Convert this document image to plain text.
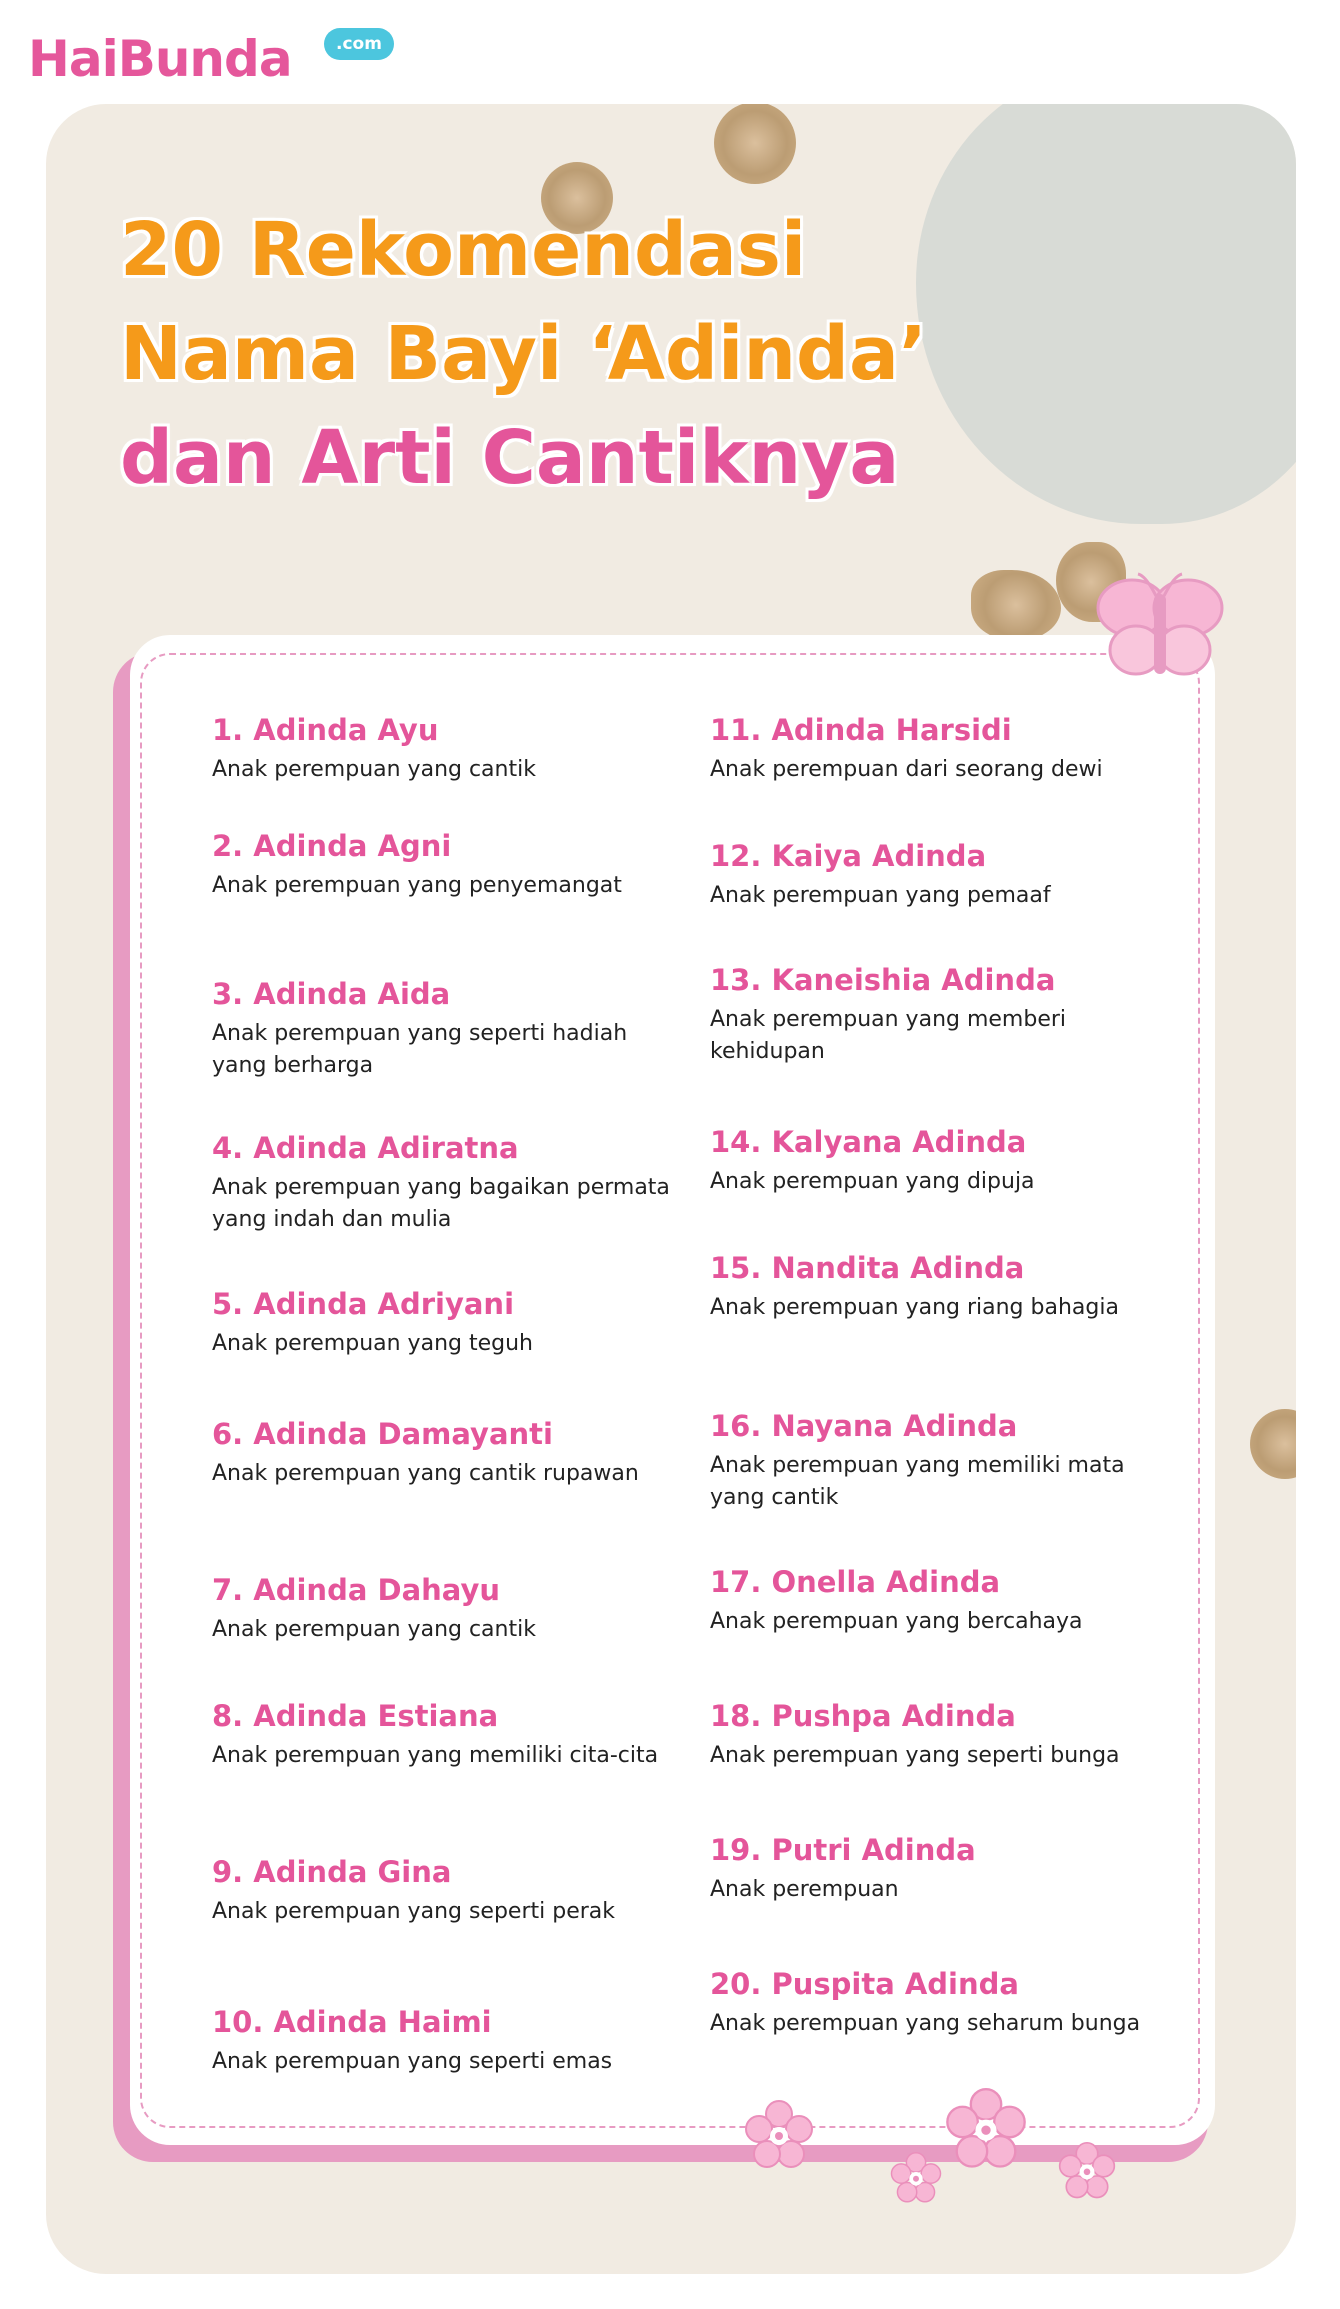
HaiBunda	.com
20 Rekomendasi
Nama Bayi ‘Adinda’
dan Arti Cantiknya
1. Adinda Ayu
Anak perempuan yang cantik
2. Adinda Agni
Anak perempuan yang penyemangat
3. Adinda Aida
Anak perempuan yang seperti hadiah yang berharga
4. Adinda Adiratna
Anak perempuan yang bagaikan permata yang indah dan mulia
5. Adinda Adriyani
Anak perempuan yang teguh
6. Adinda Damayanti
Anak perempuan yang cantik rupawan
7. Adinda Dahayu
Anak perempuan yang cantik
8. Adinda Estiana
Anak perempuan yang memiliki cita-cita
9. Adinda Gina
Anak perempuan yang seperti perak
10. Adinda Haimi
Anak perempuan yang seperti emas
11. Adinda Harsidi
Anak perempuan dari seorang dewi
12. Kaiya Adinda
Anak perempuan yang pemaaf
13. Kaneishia Adinda
Anak perempuan yang memberi kehidupan
14. Kalyana Adinda
Anak perempuan yang dipuja
15. Nandita Adinda
Anak perempuan yang riang bahagia
16. Nayana Adinda
Anak perempuan yang memiliki mata yang cantik
17. Onella Adinda
Anak perempuan yang bercahaya
18. Pushpa Adinda
Anak perempuan yang seperti bunga
19. Putri Adinda
Anak perempuan
20. Puspita Adinda
Anak perempuan yang seharum bunga
